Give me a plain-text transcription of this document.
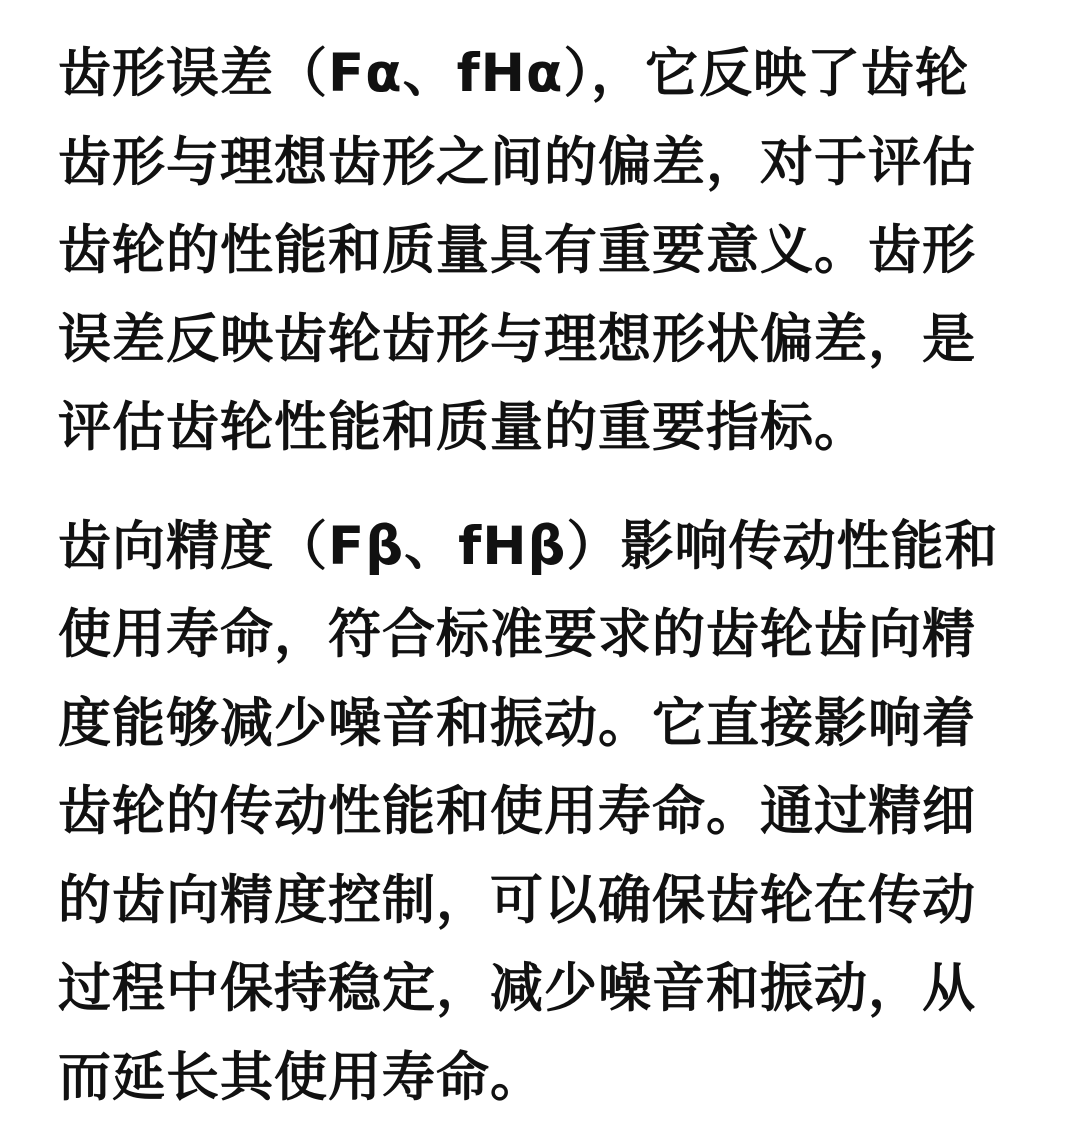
齿形误差（Fα、fHα），它反映了齿轮
齿形与理想齿形之间的偏差，对于评估
齿轮的性能和质量具有重要意义。齿形
误差反映齿轮齿形与理想形状偏差，是
评估齿轮性能和质量的重要指标。

齿向精度（Fβ、fHβ）影响传动性能和
使用寿命，符合标准要求的齿轮齿向精
度能够减少噪音和振动。它直接影响着
齿轮的传动性能和使用寿命。通过精细
的齿向精度控制，可以确保齿轮在传动
过程中保持稳定，减少噪音和振动，从
而延长其使用寿命。
